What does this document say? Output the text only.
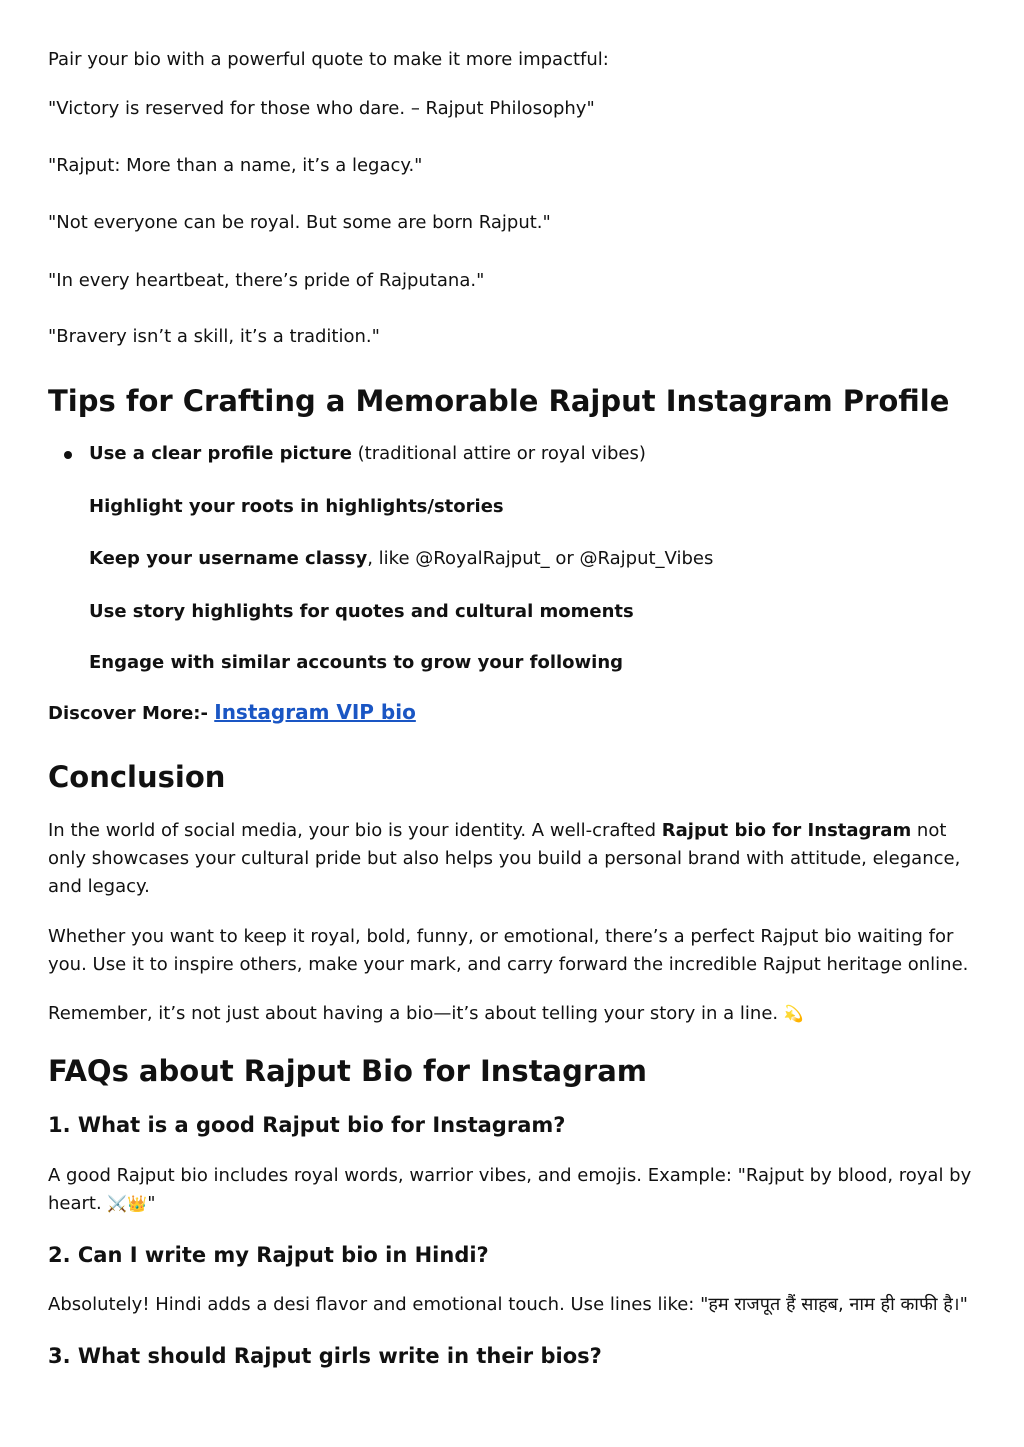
Pair your bio with a powerful quote to make it more impactful:

"Victory is reserved for those who dare. – Rajput Philosophy"

"Rajput: More than a name, it’s a legacy."

"Not everyone can be royal. But some are born Rajput."

"In every heartbeat, there’s pride of Rajputana."

"Bravery isn’t a skill, it’s a tradition."

Tips for Crafting a Memorable Rajput Instagram Profile

Use a clear profile picture (traditional attire or royal vibes)

Highlight your roots in highlights/stories

Keep your username classy, like @RoyalRajput_ or @Rajput_Vibes

Use story highlights for quotes and cultural moments

Engage with similar accounts to grow your following

Discover More:- Instagram VIP bio

Conclusion

In the world of social media, your bio is your identity. A well-crafted Rajput bio for Instagram not only showcases your cultural pride but also helps you build a personal brand with attitude, elegance, and legacy.

Whether you want to keep it royal, bold, funny, or emotional, there’s a perfect Rajput bio waiting for you. Use it to inspire others, make your mark, and carry forward the incredible Rajput heritage online.

Remember, it’s not just about having a bio—it’s about telling your story in a line. 💫

FAQs about Rajput Bio for Instagram
1. What is a good Rajput bio for Instagram?

A good Rajput bio includes royal words, warrior vibes, and emojis. Example: "Rajput by blood, royal by heart. ⚔️👑"

2. Can I write my Rajput bio in Hindi?

Absolutely! Hindi adds a desi flavor and emotional touch. Use lines like: "हम राजपूत हैं साहब, नाम ही काफी है।"

3. What should Rajput girls write in their bios?
